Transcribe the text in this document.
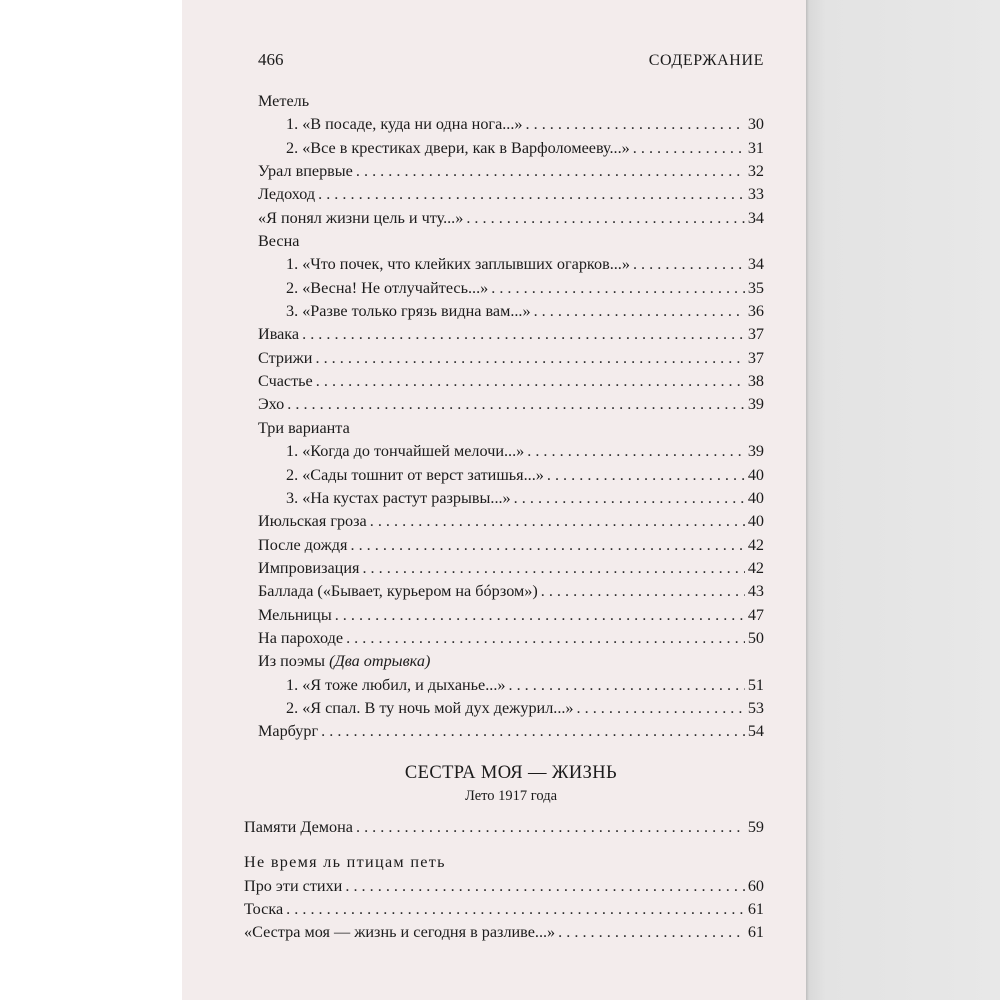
466	СОДЕРЖАНИЕ
Метель
1. «В посаде, куда ни одна нога...» . . .	30
2. «Все в крестиках двери, как в Варфоломееву...» . . .	31
Урал впервые . . .	32
Ледоход . . .	33
«Я понял жизни цель и чту...» . . .	34
Весна
1. «Что почек, что клейких заплывших огарков...» . . .	34
2. «Весна! Не отлучайтесь...» . . .	35
3. «Разве только грязь видна вам...» . . .	36
Ивака . . .	37
Стрижи . . .	37
Счастье . . .	38
Эхо . . .	39
Три варианта
1. «Когда до тончайшей мелочи...» . . .	39
2. «Сады тошнит от верст затишья...» . . .	40
3. «На кустах растут разрывы...» . . .	40
Июльская гроза . . .	40
После дождя . . .	42
Импровизация . . .	42
Баллада («Бывает, курьером на бóрзом») . . .	43
Мельницы . . .	47
На пароходе . . .	50
Из поэмы (Два отрывка)
1. «Я тоже любил, и дыханье...» . . .	51
2. «Я спал. В ту ночь мой дух дежурил...» . . .	53
Марбург . . .	54
СЕСТРА МОЯ — ЖИЗНЬ
Лето 1917 года
Памяти Демона . . .	59
Не время ль птицам петь
Про эти стихи . . .	60
Тоска . . .	61
«Сестра моя — жизнь и сегодня в разливе...» . . .	61
